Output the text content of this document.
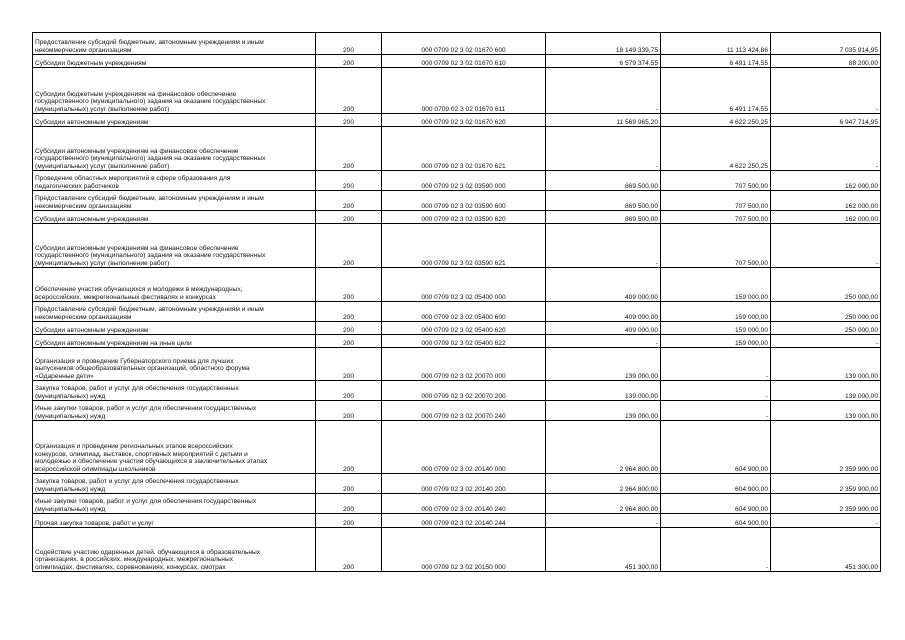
Предоставление субсидий бюджетным, автономным учреждениям и иным
некоммерческим организациям	200	000 0709 02 3 02 01670 600	18 149 339,75	11 113 424,86	7 035 914,95
Субсидии бюджетным учреждениям	200	000 0709 02 3 02 01670 610	6 579 374,55	6 491 174,55	88 200,00
Субсидии бюджетным учреждениям на финансовое обеспечение
государственного (муниципального) задания на оказание государственных
(муниципальных) услуг (выполнение работ)	200	000 0709 02 3 02 01670 611	-	6 491 174,55	-
Субсидии автономным учреждениям	200	000 0709 02 3 02 01670 620	11 569 965,20	4 622 250,25	6 947 714,95
Субсидии автономным учреждениям на финансовое обеспечение
государственного (муниципального) задания на оказание государственных
(муниципальных) услуг (выполнение работ)	200	000 0709 02 3 02 01670 621	-	4 622 250,25	-
Проведение областных мероприятий в сфере образования для
педагогических работников	200	000 0709 02 3 02 03590 000	869 500,00	707 500,00	162 000,00
Предоставление субсидий бюджетным, автономным учреждениям и иным
некоммерческим организациям	200	000 0709 02 3 02 03590 600	869 500,00	707 500,00	162 000,00
Субсидии автономным учреждениям	200	000 0709 02 3 02 03590 620	869 500,00	707 500,00	162 000,00
Субсидии автономным учреждениям на финансовое обеспечение
государственного (муниципального) задания на оказание государственных
(муниципальных) услуг (выполнение работ)	200	000 0709 02 3 02 03590 621	-	707 500,00	-
Обеспечение участия обучающихся и молодежи в международных,
всероссийских, межрегиональных фестивалях и конкурсах	200	000 0709 02 3 02 05400 000	409 000,00	159 000,00	250 000,00
Предоставление субсидий бюджетным, автономным учреждениям и иным
некоммерческим организациям	200	000 0709 02 3 02 05400 600	409 000,00	159 000,00	250 000,00
Субсидии автономным учреждениям	200	000 0709 02 3 02 05400 620	409 000,00	159 000,00	250 000,00
Субсидии автономным учреждениям на иные цели	200	000 0709 02 3 02 05400 622	-	159 000,00	-
Организация и проведение Губернаторского приема для лучших
выпускников общеобразовательных организаций, областного форума
«Одаренные дети»	200	000 0709 02 3 02 20070 000	139 000,00	-	139 000,00
Закупка товаров, работ и услуг для обеспечения государственных
(муниципальных) нужд	200	000 0709 02 3 02 20070 200	139 000,00	-	139 000,00
Иные закупки товаров, работ и услуг для обеспечения государственных
(муниципальных) нужд	200	000 0709 02 3 02 20070 240	139 000,00	-	139 000,00
Организация и проведение региональных этапов всероссийских
конкурсов, олимпиад, выставок, спортивных мероприятий с детьми и
молодежью и обеспечение участия обучающихся в заключительных этапах
всероссийской олимпиады школьников	200	000 0709 02 3 02 20140 000	2 964 800,00	604 900,00	2 359 900,00
Закупка товаров, работ и услуг для обеспечения государственных
(муниципальных) нужд	200	000 0709 02 3 02 20140 200	2 964 800,00	604 900,00	2 359 900,00
Иные закупки товаров, работ и услуг для обеспечения государственных
(муниципальных) нужд	200	000 0709 02 3 02 20140 240	2 964 800,00	604 900,00	2 359 900,00
Прочая закупка товаров, работ и услуг	200	000 0709 02 3 02 20140 244	-	604 900,00	-
Содействие участию одаренных детей, обучающихся в образовательных
организациях, в российских, международных, межрегиональных
олимпиадах, фестивалях, соревнованиях, конкурсах, смотрах	200	000 0709 02 3 02 20150 000	451 300,00	-	451 300,00
